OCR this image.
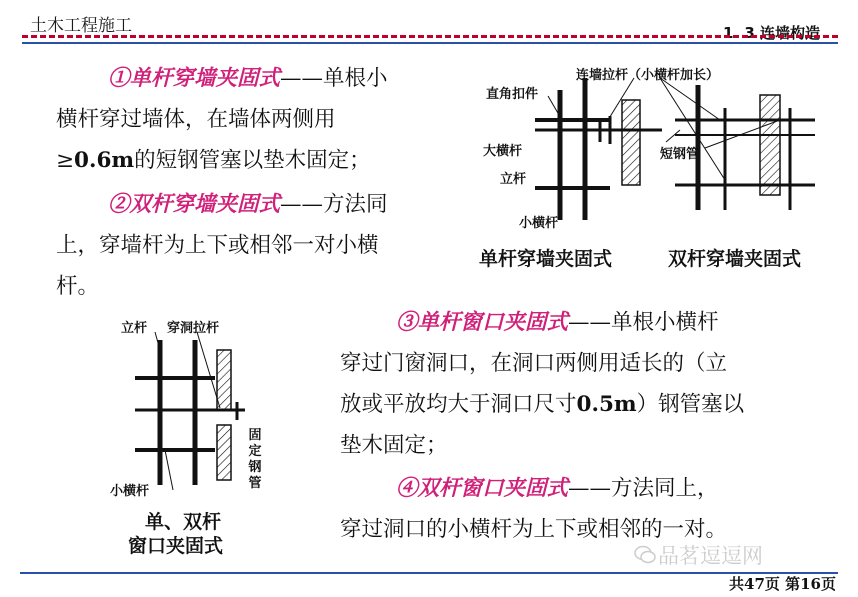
土木工程施工	1. 3 连墙构造
①单杆穿墙夹固式——单根小
横杆穿过墙体，在墙体两侧用
≥0.6m的短钢管塞以垫木固定；
②双杆穿墙夹固式——方法同
上，穿墙杆为上下或相邻一对小横
杆。
③单杆窗口夹固式——单根小横杆
穿过门窗洞口，在洞口两侧用适长的（立
放或平放均大于洞口尺寸0.5m）钢管塞以
垫木固定；
④双杆窗口夹固式——方法同上，
穿过洞口的小横杆为上下或相邻的一对。
直角扣件
连墙拉杆（小横杆加长）
大横杆	短钢管
立杆
小横杆
单杆穿墙夹固式	双杆穿墙夹固式
立杆 穿洞拉杆
固定钢管
小横杆
单、双杆
窗口夹固式	品茗逗逗网
共47页 第16页
